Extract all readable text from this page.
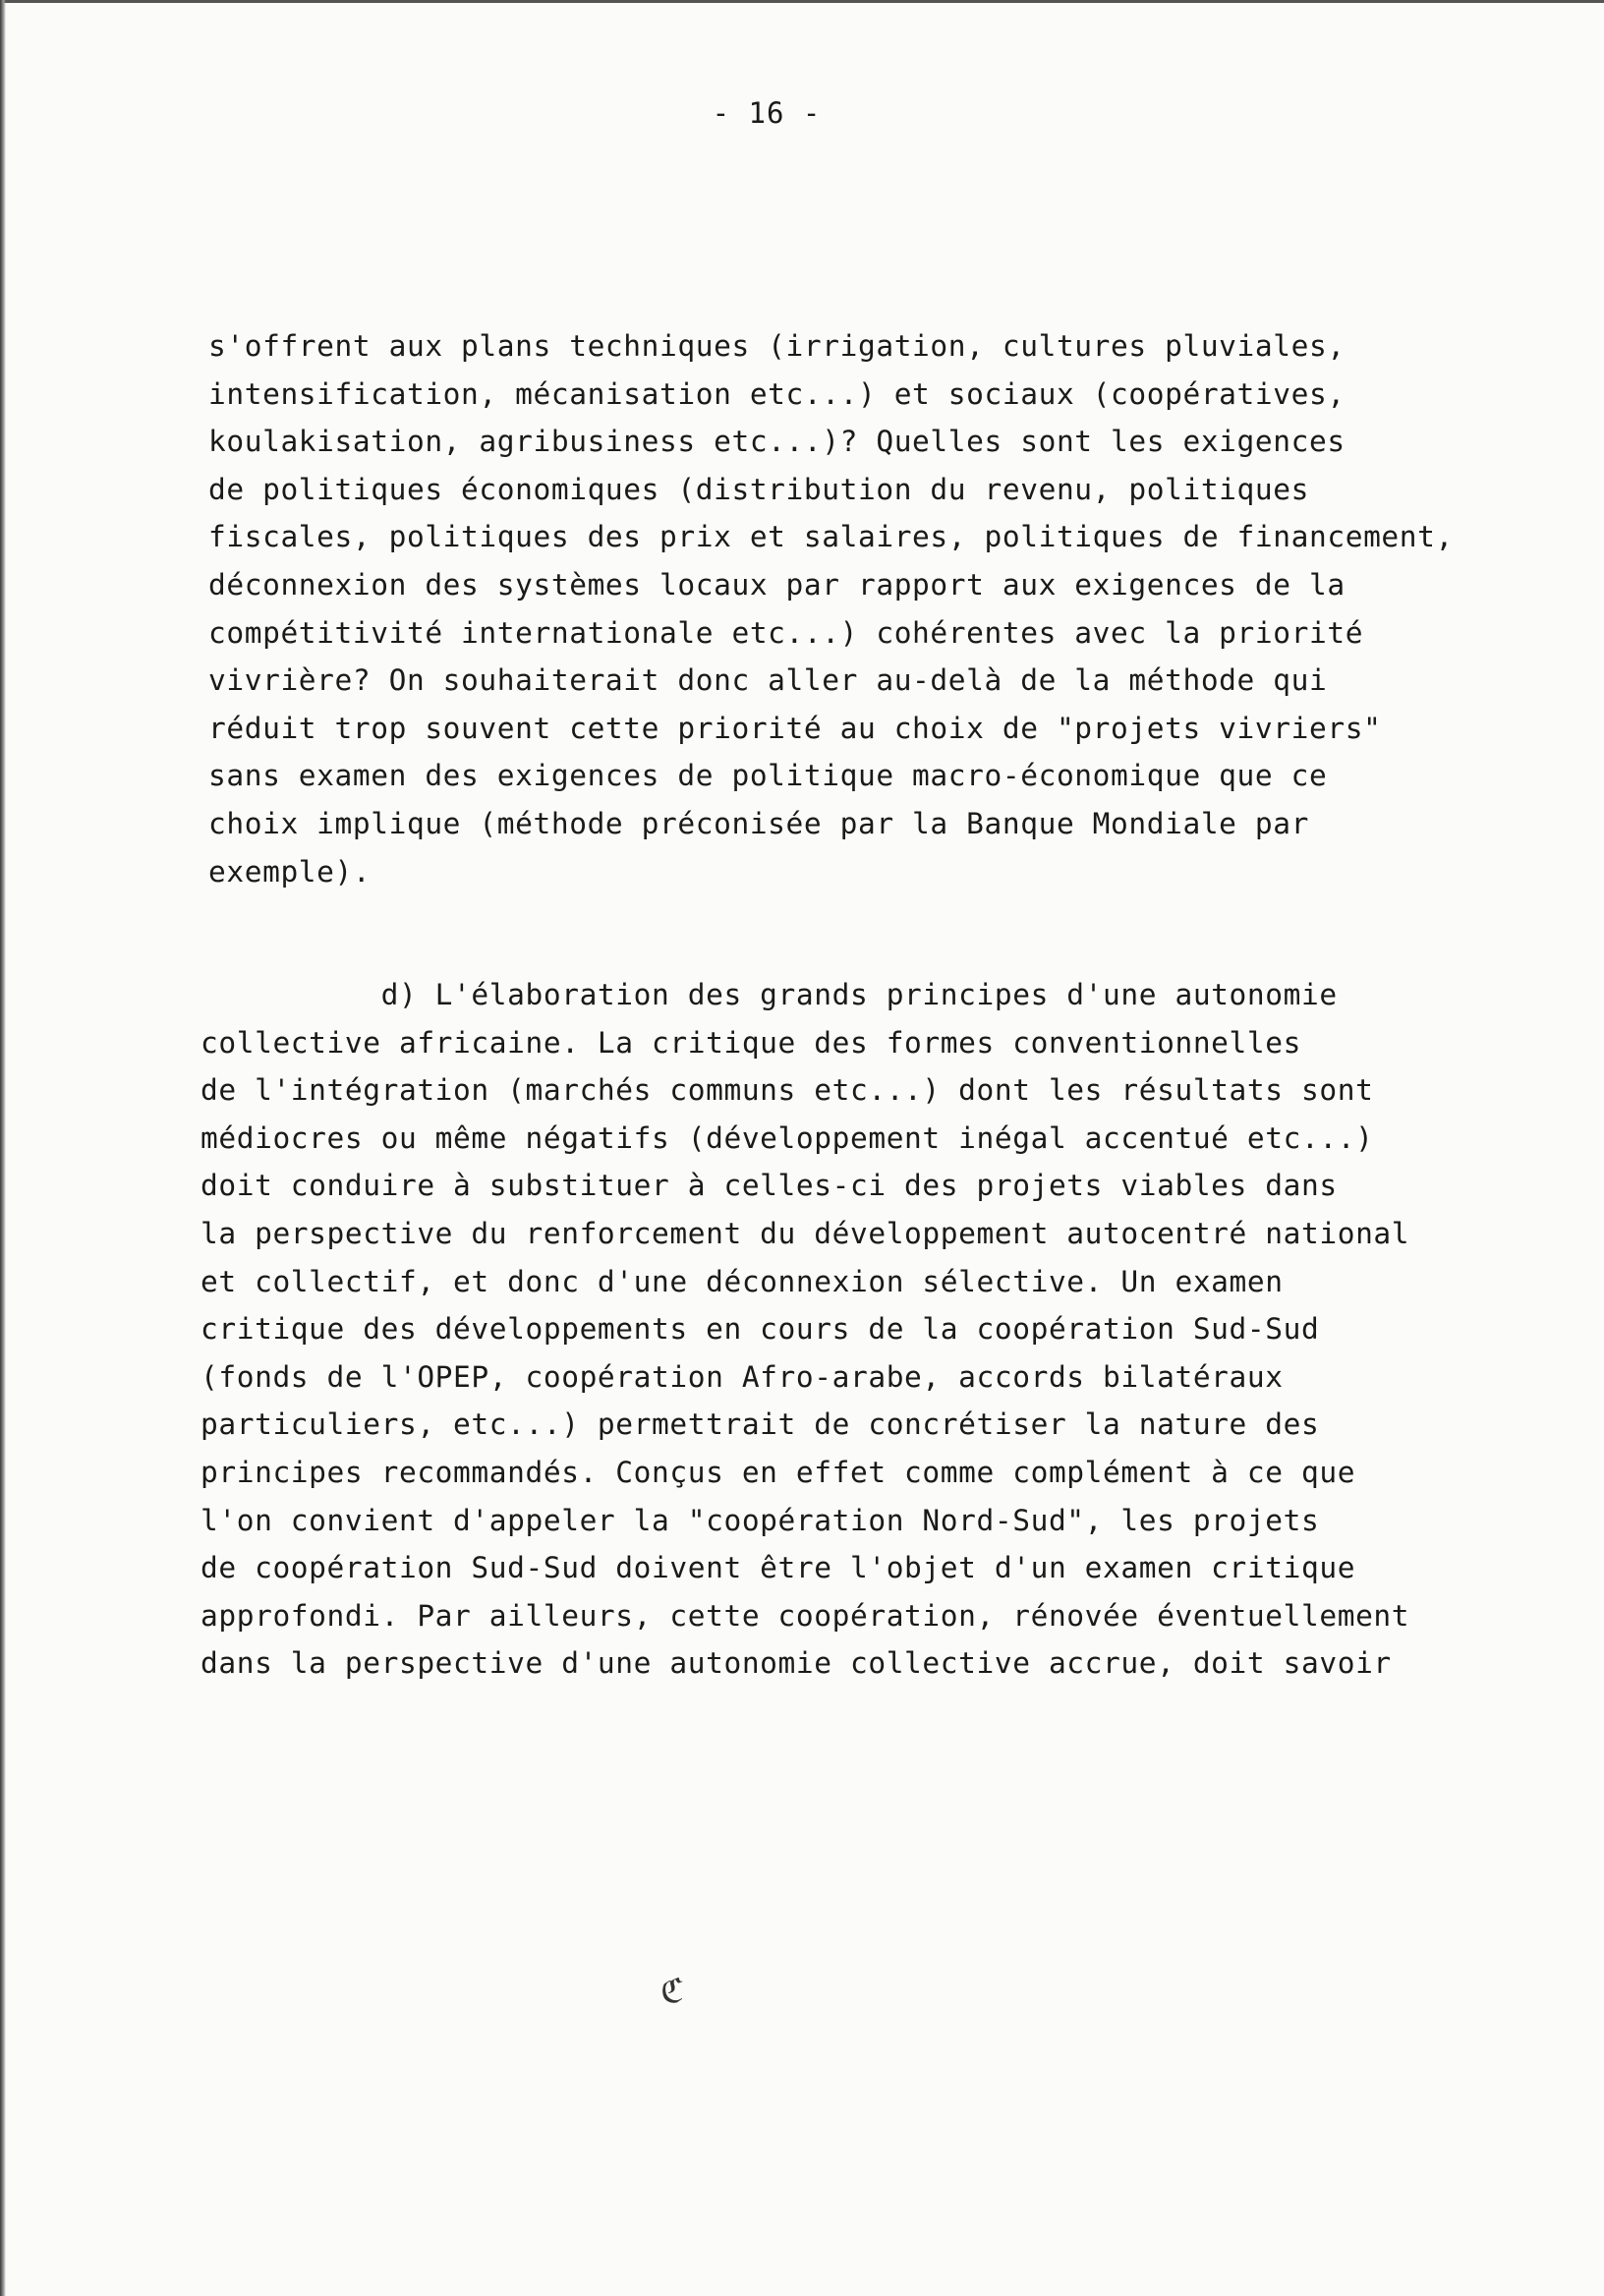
- 16 -
s'offrent aux plans techniques (irrigation, cultures pluviales,
intensification, mécanisation etc...) et sociaux (coopératives,
koulakisation, agribusiness etc...)? Quelles sont les exigences
de politiques économiques (distribution du revenu, politiques
fiscales, politiques des prix et salaires, politiques de financement,
déconnexion des systèmes locaux par rapport aux exigences de la
compétitivité internationale etc...) cohérentes avec la priorité
vivrière? On souhaiterait donc aller au-delà de la méthode qui
réduit trop souvent cette priorité au choix de "projets vivriers"
sans examen des exigences de politique macro-économique que ce
choix implique (méthode préconisée par la Banque Mondiale par
exemple).
d) L'élaboration des grands principes d'une autonomie
collective africaine. La critique des formes conventionnelles
de l'intégration (marchés communs etc...) dont les résultats sont
médiocres ou même négatifs (développement inégal accentué etc...)
doit conduire à substituer à celles-ci des projets viables dans
la perspective du renforcement du développement autocentré national
et collectif, et donc d'une déconnexion sélective. Un examen
critique des développements en cours de la coopération Sud-Sud
(fonds de l'OPEP, coopération Afro-arabe, accords bilatéraux
particuliers, etc...) permettrait de concrétiser la nature des
principes recommandés. Conçus en effet comme complément à ce que
l'on convient d'appeler la "coopération Nord-Sud", les projets
de coopération Sud-Sud doivent être l'objet d'un examen critique
approfondi. Par ailleurs, cette coopération, rénovée éventuellement
dans la perspective d'une autonomie collective accrue, doit savoir
ℭ
